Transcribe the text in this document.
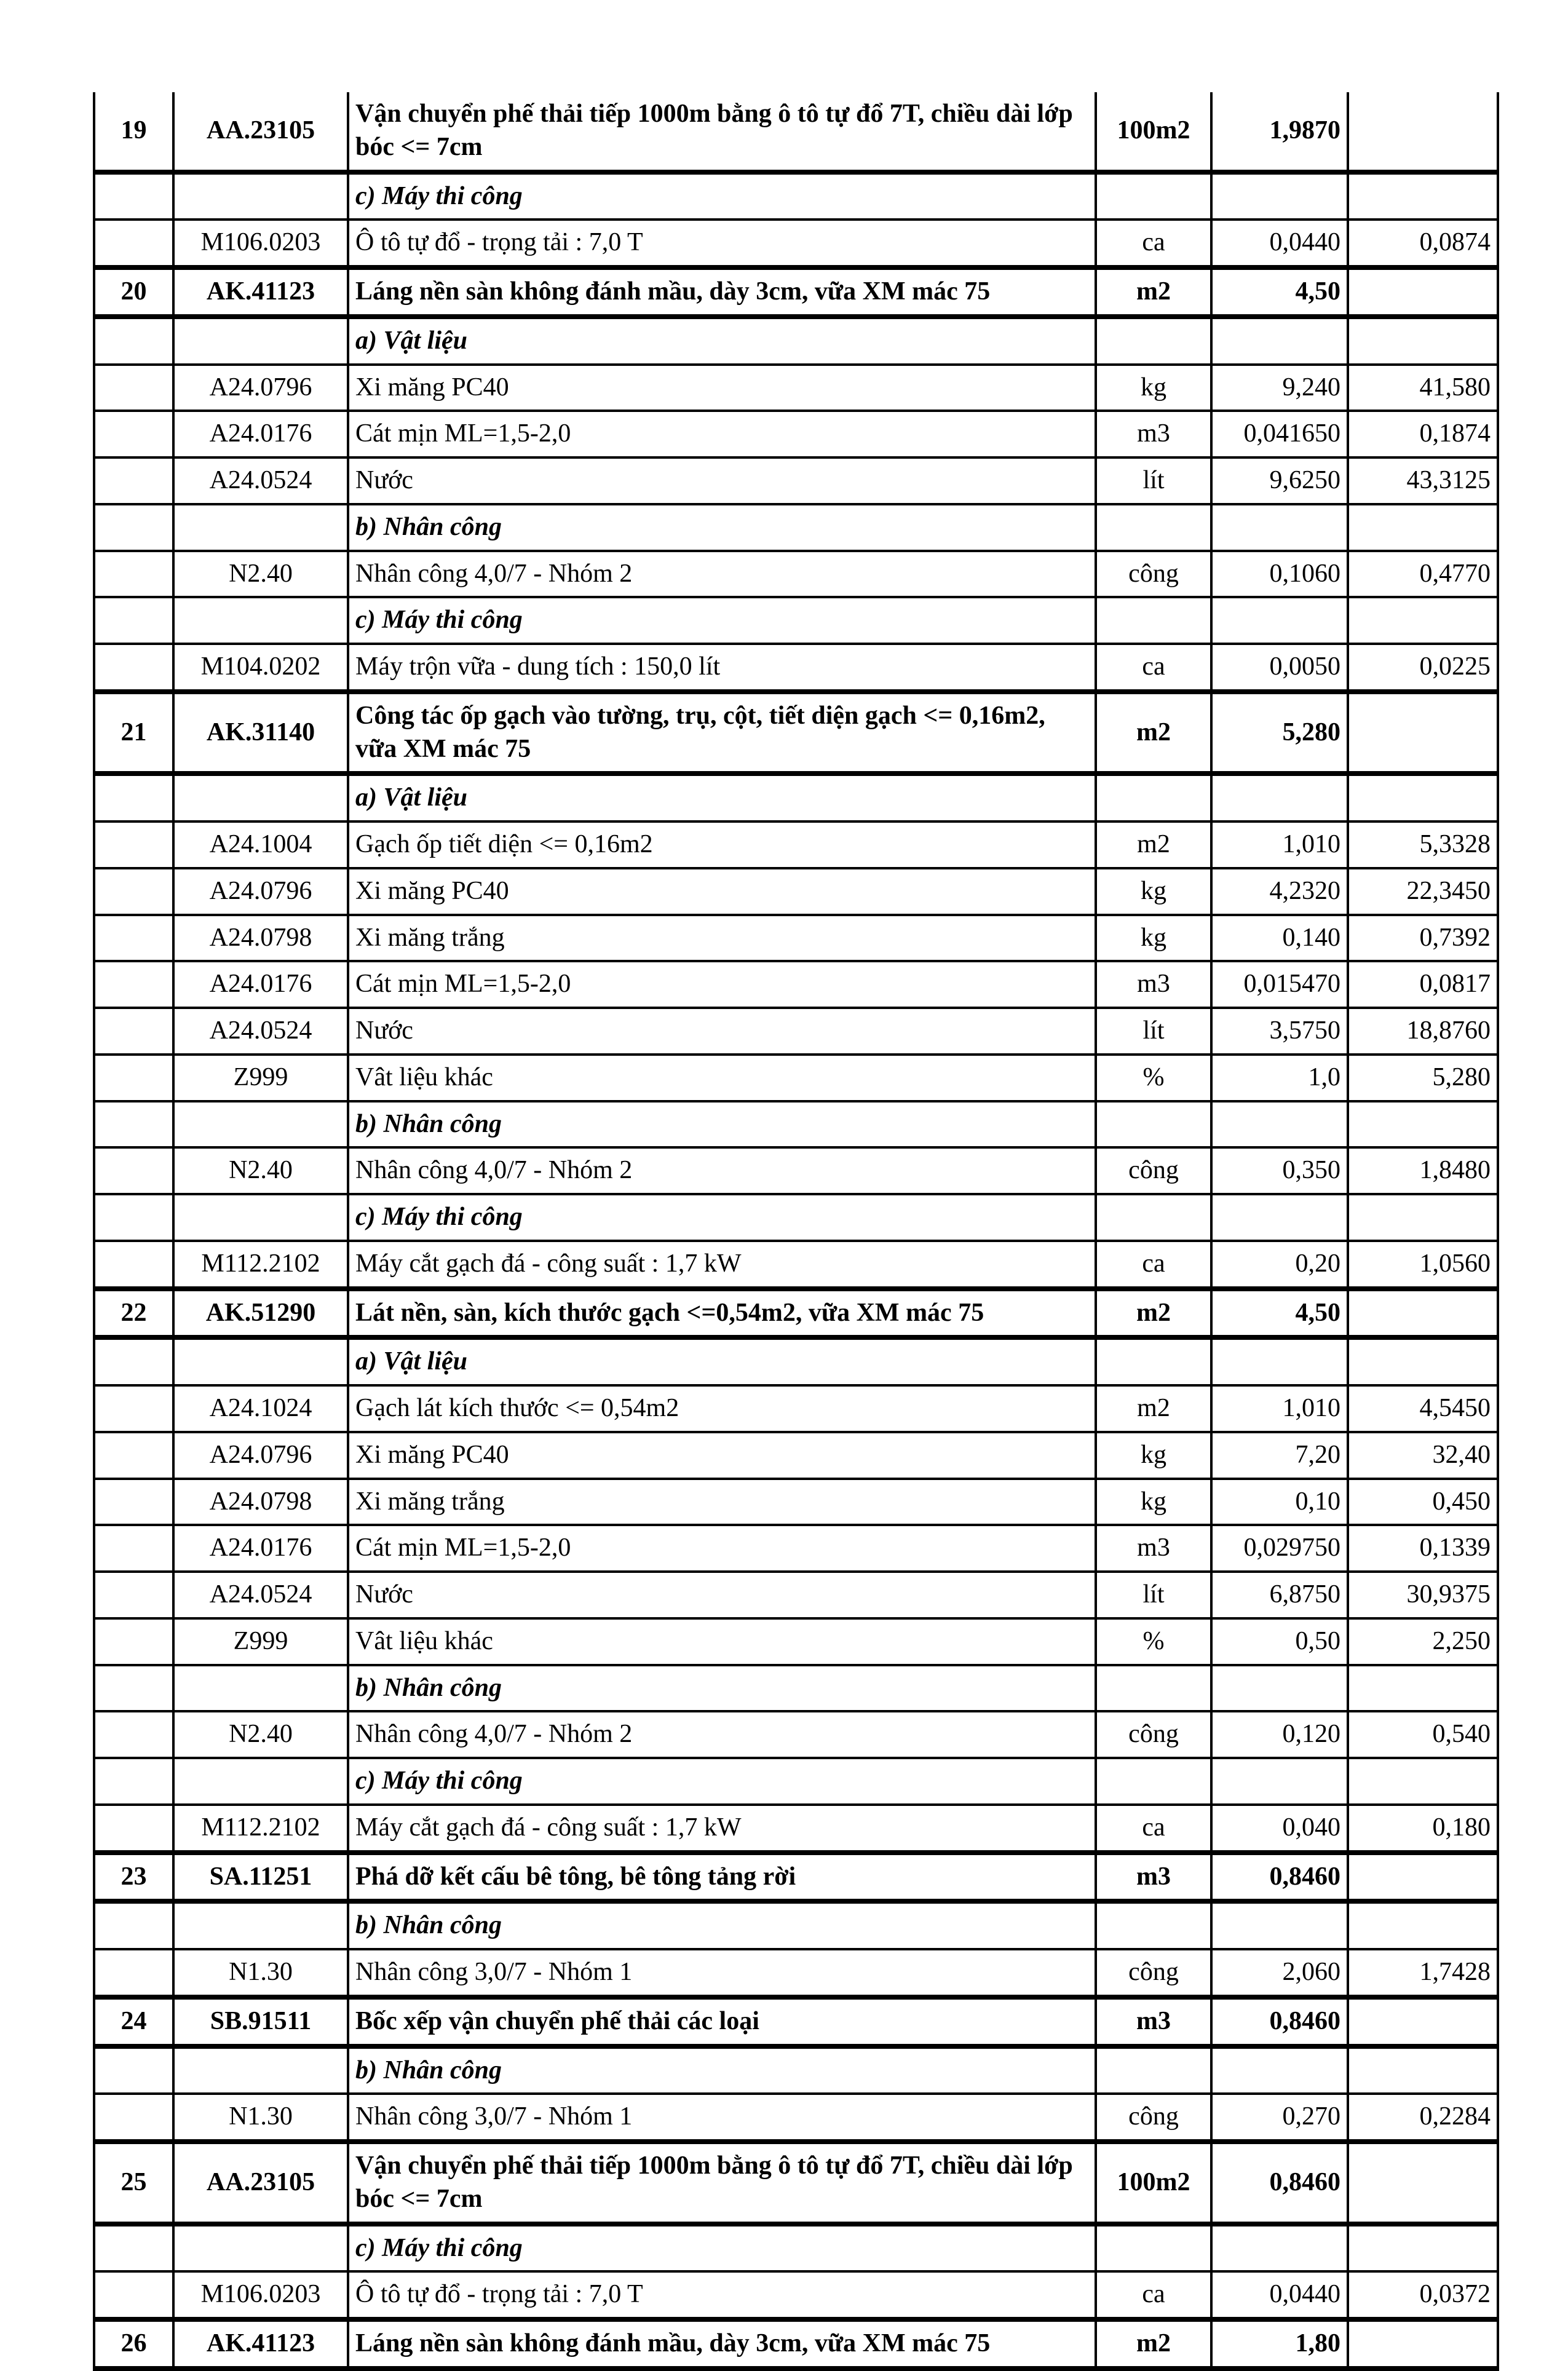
19	AA.23105	Vận chuyển phế thải tiếp 1000m bằng ô tô tự đổ 7T, chiều dài lớp bóc <= 7cm	100m2	1,9870	
		c) Máy thi công			
	M106.0203	Ô tô tự đổ - trọng tải : 7,0 T	ca	0,0440	0,0874
20	AK.41123	Láng nền sàn không đánh mầu, dày 3cm, vữa XM mác 75	m2	4,50	
		a) Vật liệu			
	A24.0796	Xi măng PC40	kg	9,240	41,580
	A24.0176	Cát mịn ML=1,5-2,0	m3	0,041650	0,1874
	A24.0524	Nước	lít	9,6250	43,3125
		b) Nhân công			
	N2.40	Nhân công 4,0/7 - Nhóm 2	công	0,1060	0,4770
		c) Máy thi công			
	M104.0202	Máy trộn vữa - dung tích : 150,0 lít	ca	0,0050	0,0225
21	AK.31140	Công tác ốp gạch vào tường, trụ, cột, tiết diện gạch <= 0,16m2, vữa XM mác 75	m2	5,280	
		a) Vật liệu			
	A24.1004	Gạch ốp tiết diện <= 0,16m2	m2	1,010	5,3328
	A24.0796	Xi măng PC40	kg	4,2320	22,3450
	A24.0798	Xi măng trắng	kg	0,140	0,7392
	A24.0176	Cát mịn ML=1,5-2,0	m3	0,015470	0,0817
	A24.0524	Nước	lít	3,5750	18,8760
	Z999	Vât liệu khác	%	1,0	5,280
		b) Nhân công			
	N2.40	Nhân công 4,0/7 - Nhóm 2	công	0,350	1,8480
		c) Máy thi công			
	M112.2102	Máy cắt gạch đá - công suất : 1,7 kW	ca	0,20	1,0560
22	AK.51290	Lát nền, sàn, kích thước gạch <=0,54m2, vữa XM mác 75	m2	4,50	
		a) Vật liệu			
	A24.1024	Gạch lát kích thước <= 0,54m2	m2	1,010	4,5450
	A24.0796	Xi măng PC40	kg	7,20	32,40
	A24.0798	Xi măng trắng	kg	0,10	0,450
	A24.0176	Cát mịn ML=1,5-2,0	m3	0,029750	0,1339
	A24.0524	Nước	lít	6,8750	30,9375
	Z999	Vât liệu khác	%	0,50	2,250
		b) Nhân công			
	N2.40	Nhân công 4,0/7 - Nhóm 2	công	0,120	0,540
		c) Máy thi công			
	M112.2102	Máy cắt gạch đá - công suất : 1,7 kW	ca	0,040	0,180
23	SA.11251	Phá dỡ kết cấu bê tông, bê tông tảng rời	m3	0,8460	
		b) Nhân công			
	N1.30	Nhân công 3,0/7 - Nhóm 1	công	2,060	1,7428
24	SB.91511	Bốc xếp vận chuyển phế thải các loại	m3	0,8460	
		b) Nhân công			
	N1.30	Nhân công 3,0/7 - Nhóm 1	công	0,270	0,2284
25	AA.23105	Vận chuyển phế thải tiếp 1000m bằng ô tô tự đổ 7T, chiều dài lớp bóc <= 7cm	100m2	0,8460	
		c) Máy thi công			
	M106.0203	Ô tô tự đổ - trọng tải : 7,0 T	ca	0,0440	0,0372
26	AK.41123	Láng nền sàn không đánh mầu, dày 3cm, vữa XM mác 75	m2	1,80	
